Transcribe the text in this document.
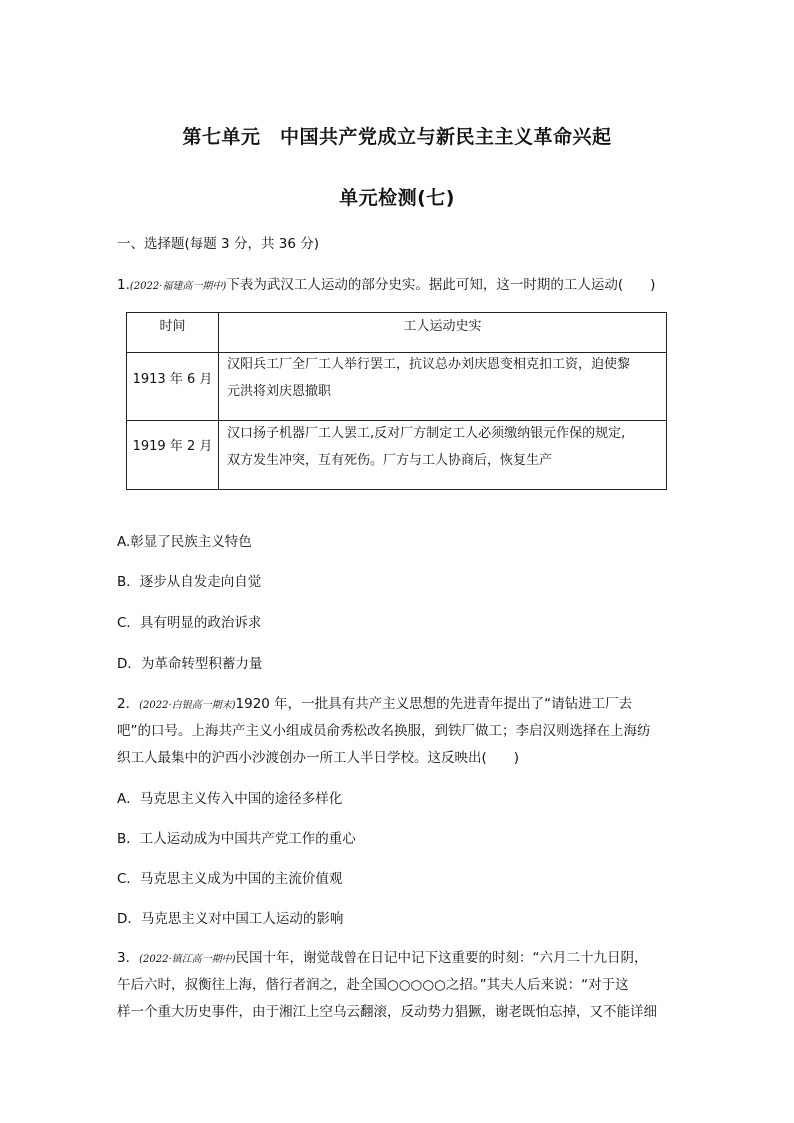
第七单元　中国共产党成立与新民主主义革命兴起
单元检测(七)
一、选择题(每题 3 分，共 36 分)
1.(2022·福建高一期中)下表为武汉工人运动的部分史实。据此可知，这一时期的工人运动(　　)
时间	工人运动史实
1913 年 6 月
汉阳兵工厂全厂工人举行罢工，抗议总办刘庆恩变相克扣工资，迫使黎
元洪将刘庆恩撤职
1919 年 2 月
汉口扬子机器厂工人罢工,反对厂方制定工人必须缴纳银元作保的规定,
双方发生冲突，互有死伤。厂方与工人协商后，恢复生产
A.彰显了民族主义特色
B．逐步从自发走向自觉
C．具有明显的政治诉求
D．为革命转型积蓄力量
2．(2022·白银高一期末)1920 年，一批具有共产主义思想的先进青年提出了“请钻进工厂去
吧”的口号。上海共产主义小组成员俞秀松改名换服，到铁厂做工；李启汉则选择在上海纺
织工人最集中的沪西小沙渡创办一所工人半日学校。这反映出(　　)
A．马克思主义传入中国的途径多样化
B．工人运动成为中国共产党工作的重心
C．马克思主义成为中国的主流价值观
D．马克思主义对中国工人运动的影响
3．(2022·镇江高一期中)民国十年，谢觉哉曾在日记中记下这重要的时刻：“六月二十九日阴，
午后六时，叔衡往上海，偕行者润之，赴全国○○○○○之招。”其夫人后来说：“对于这
样一个重大历史事件，由于湘江上空乌云翻滚，反动势力猖獗，谢老既怕忘掉，又不能详细
